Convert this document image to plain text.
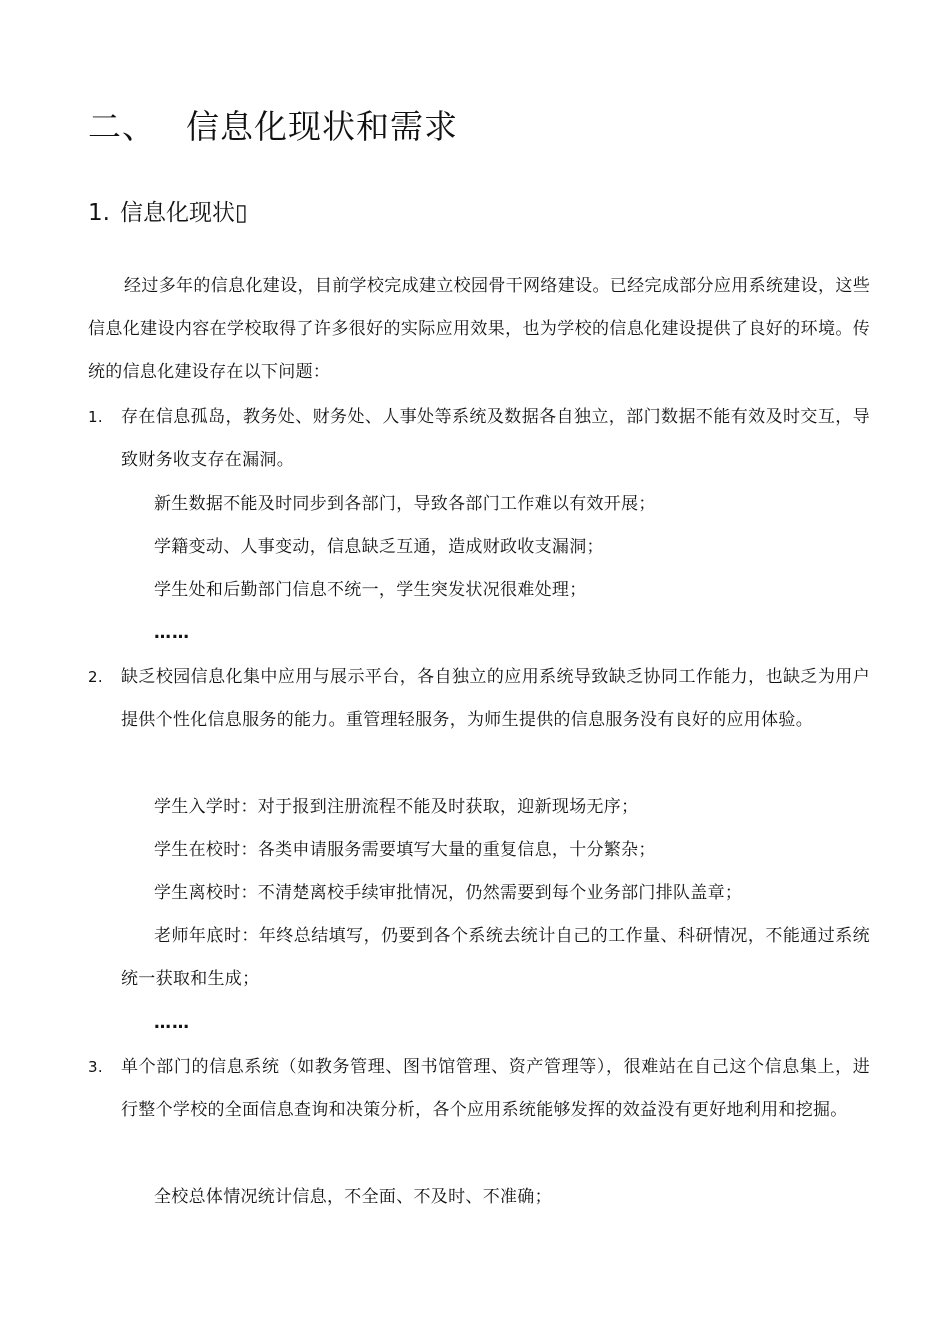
二、 信息化现状和需求
1. 信息化现状▯

经过多年的信息化建设，目前学校完成建立校园骨干网络建设。已经完成部分应用系统建设，这些信息化建设内容在学校取得了许多很好的实际应用效果，也为学校的信息化建设提供了良好的环境。传统的信息化建设存在以下问题：

1.	存在信息孤岛，教务处、财务处、人事处等系统及数据各自独立，部门数据不能有效及时交互，导致财务收支存在漏洞。
新生数据不能及时同步到各部门，导致各部门工作难以有效开展；
学籍变动、人事变动，信息缺乏互通，造成财政收支漏洞；
学生处和后勤部门信息不统一，学生突发状况很难处理；
……
2.	缺乏校园信息化集中应用与展示平台，各自独立的应用系统导致缺乏协同工作能力，也缺乏为用户提供个性化信息服务的能力。重管理轻服务，为师生提供的信息服务没有良好的应用体验。
学生入学时：对于报到注册流程不能及时获取，迎新现场无序；
学生在校时：各类申请服务需要填写大量的重复信息，十分繁杂；
学生离校时：不清楚离校手续审批情况，仍然需要到每个业务部门排队盖章；
老师年底时：年终总结填写，仍要到各个系统去统计自己的工作量、科研情况，不能通过系统统一获取和生成；
……
3.	单个部门的信息系统（如教务管理、图书馆管理、资产管理等），很难站在自己这个信息集上，进行整个学校的全面信息查询和决策分析，各个应用系统能够发挥的效益没有更好地利用和挖掘。
全校总体情况统计信息，不全面、不及时、不准确；
